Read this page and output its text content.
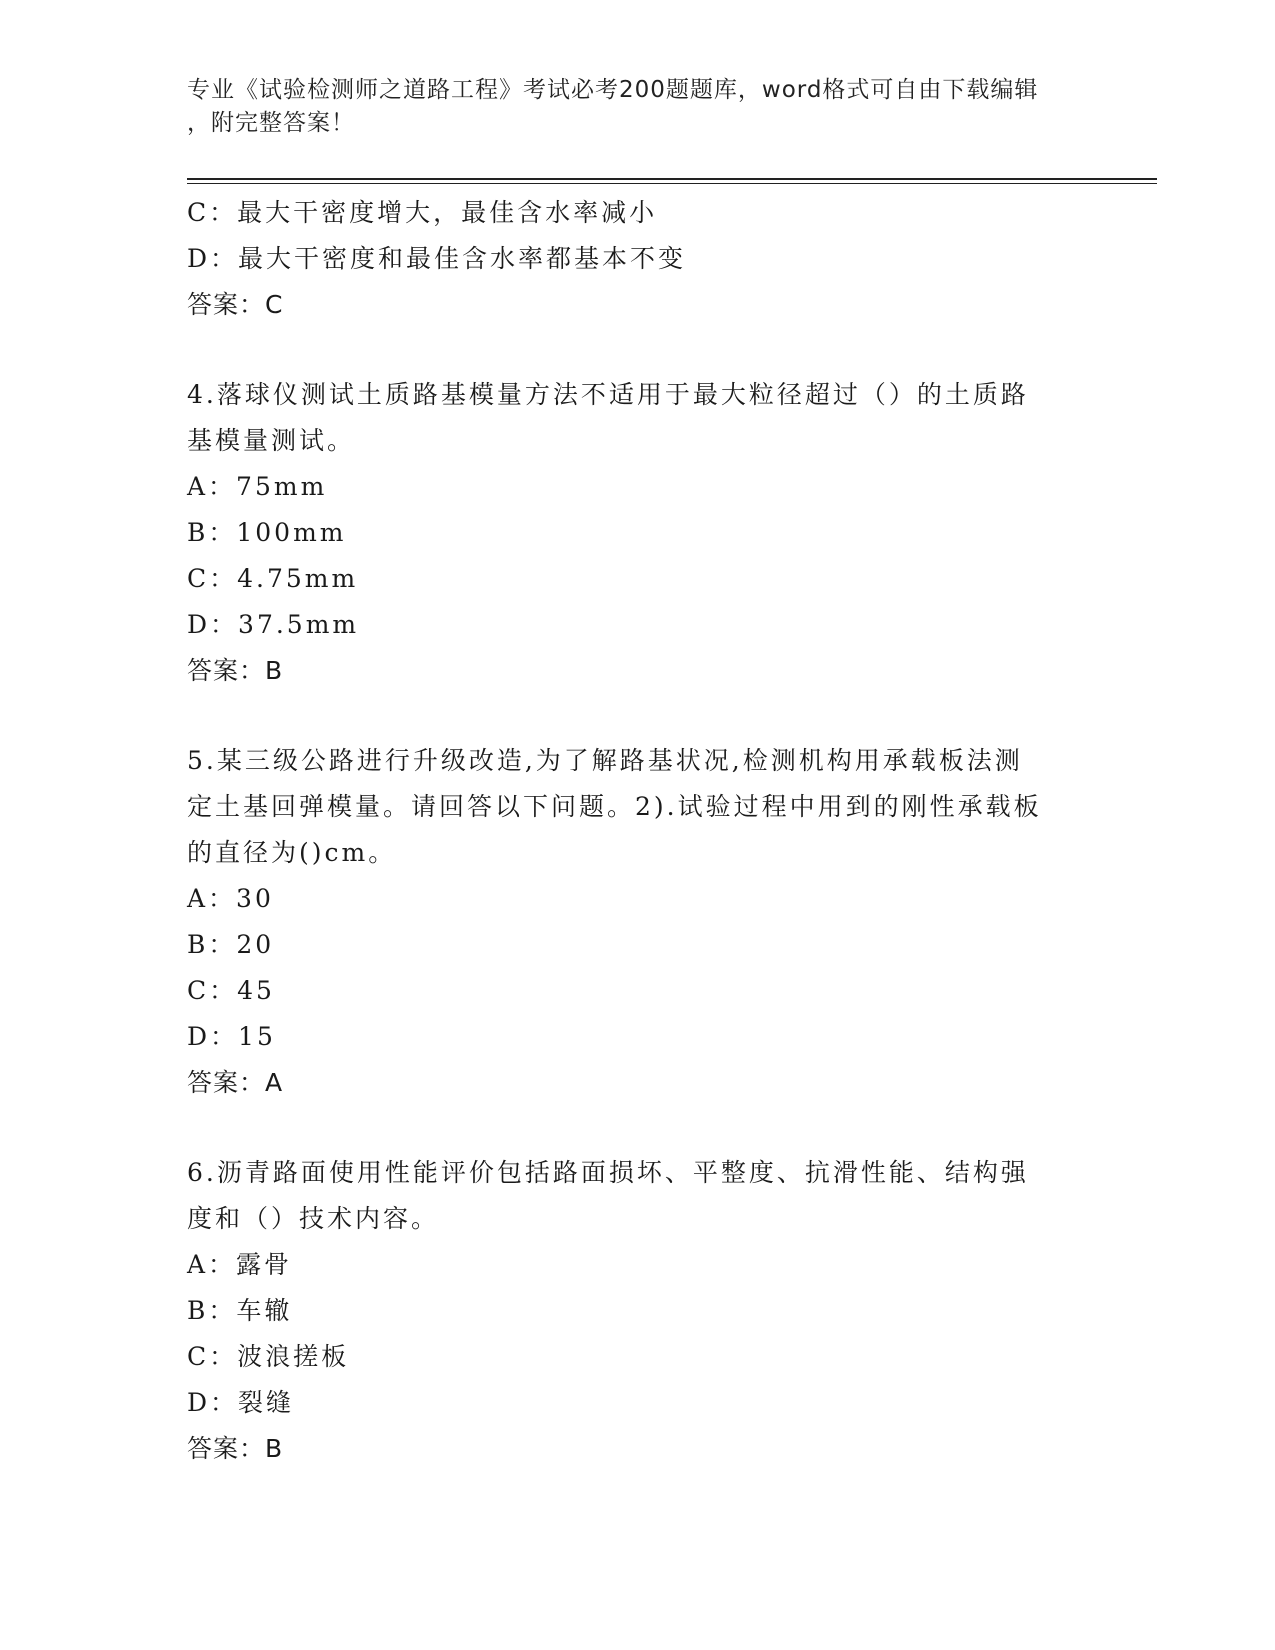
专业《试验检测师之道路工程》考试必考200题题库，word格式可自由下载编辑
，附完整答案！
C：最大干密度增大，最佳含水率减小
D：最大干密度和最佳含水率都基本不变
答案：C
4.落球仪测试土质路基模量方法不适用于最大粒径超过（）的土质路
基模量测试。
A：75mm
B：100mm
C：4.75mm
D：37.5mm
答案：B
5.某三级公路进行升级改造,为了解路基状况,检测机构用承载板法测
定土基回弹模量。请回答以下问题。2).试验过程中用到的刚性承载板
的直径为()cm。
A：30
B：20
C：45
D：15
答案：A
6.沥青路面使用性能评价包括路面损坏、平整度、抗滑性能、结构强
度和（）技术内容。
A：露骨
B：车辙
C：波浪搓板
D：裂缝
答案：B
